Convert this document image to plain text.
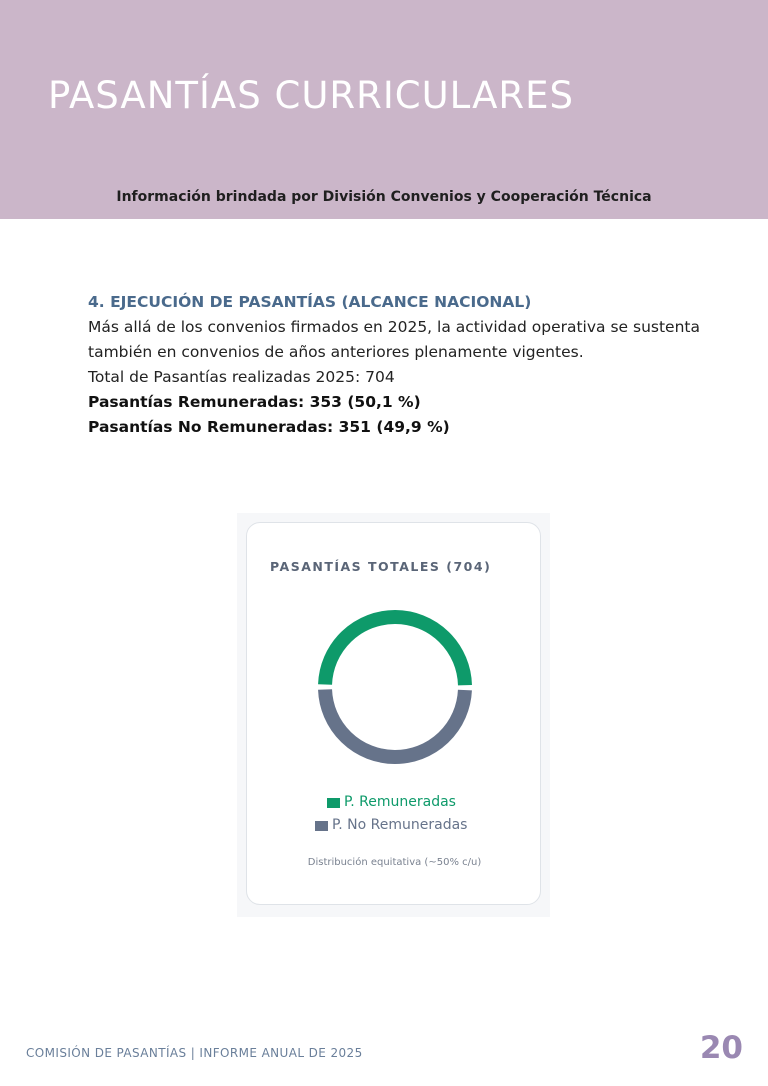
PASANTÍAS CURRICULARES
Información brindada por División Convenios y Cooperación Técnica

4. EJECUCIÓN DE PASANTÍAS (ALCANCE NACIONAL)

Más allá de los convenios firmados en 2025, la actividad operativa se sustenta también en convenios de años anteriores plenamente vigentes.

Total de Pasantías realizadas 2025: 704

Pasantías Remuneradas: 353 (50,1 %)

Pasantías No Remuneradas: 351 (49,9 %)

PASANTÍAS TOTALES (704)
P. Remuneradas
P. No Remuneradas
Distribución equitativa (~50% c/u)
COMISIÓN DE PASANTÍAS | INFORME ANUAL DE 2025	20
